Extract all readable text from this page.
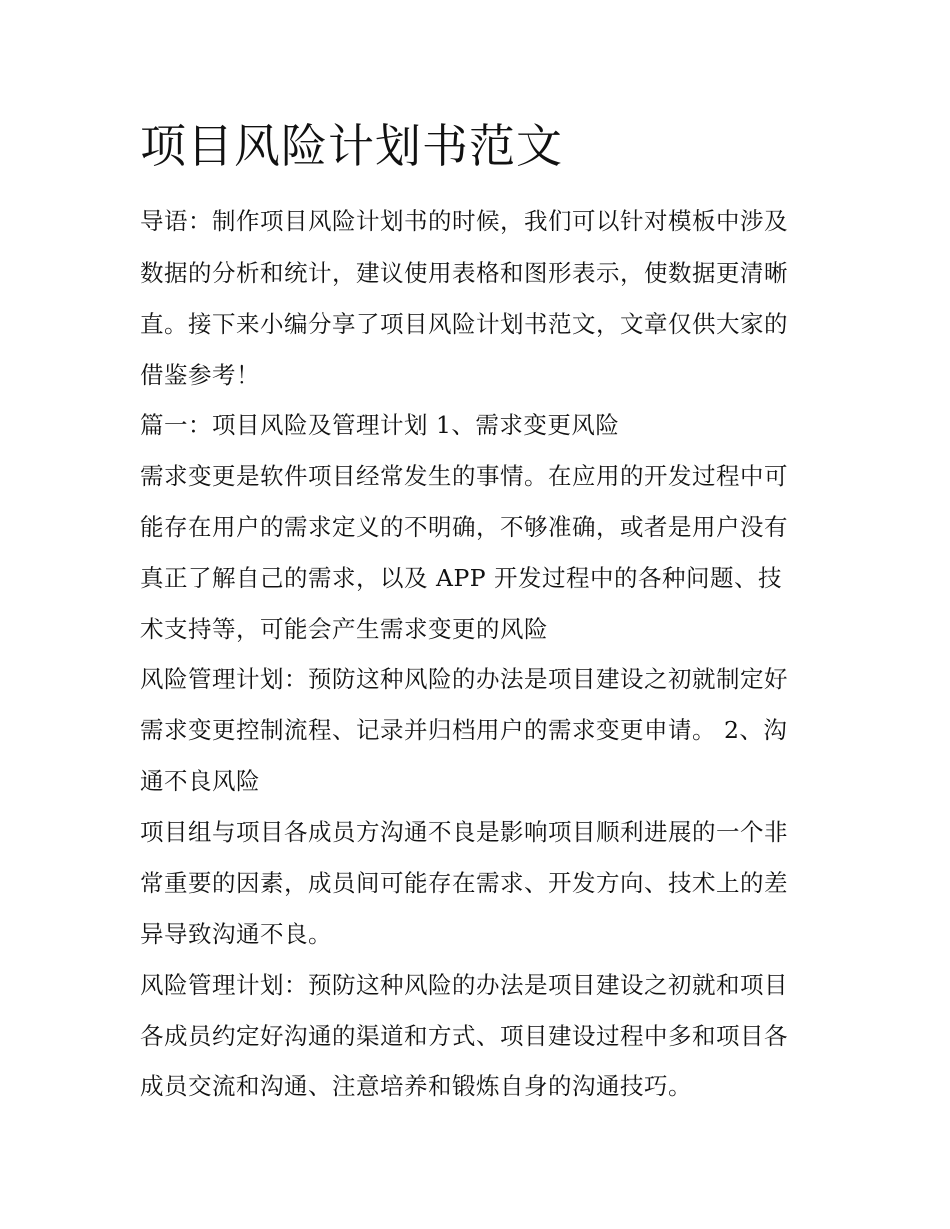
项目风险计划书范文

导语：制作项目风险计划书的时候，我们可以针对模板中涉及

数据的分析和统计，建议使用表格和图形表示，使数据更清晰

直。接下来小编分享了项目风险计划书范文，文章仅供大家的

借鉴参考！

篇一：项目风险及管理计划 1、需求变更风险

需求变更是软件项目经常发生的事情。在应用的开发过程中可

能存在用户的需求定义的不明确，不够准确，或者是用户没有

真正了解自己的需求，以及 APP 开发过程中的各种问题、技

术支持等，可能会产生需求变更的风险

风险管理计划：预防这种风险的办法是项目建设之初就制定好

需求变更控制流程、记录并归档用户的需求变更申请。 2、沟

通不良风险

项目组与项目各成员方沟通不良是影响项目顺利进展的一个非

常重要的因素，成员间可能存在需求、开发方向、技术上的差

异导致沟通不良。

风险管理计划：预防这种风险的办法是项目建设之初就和项目

各成员约定好沟通的渠道和方式、项目建设过程中多和项目各

成员交流和沟通、注意培养和锻炼自身的沟通技巧。
